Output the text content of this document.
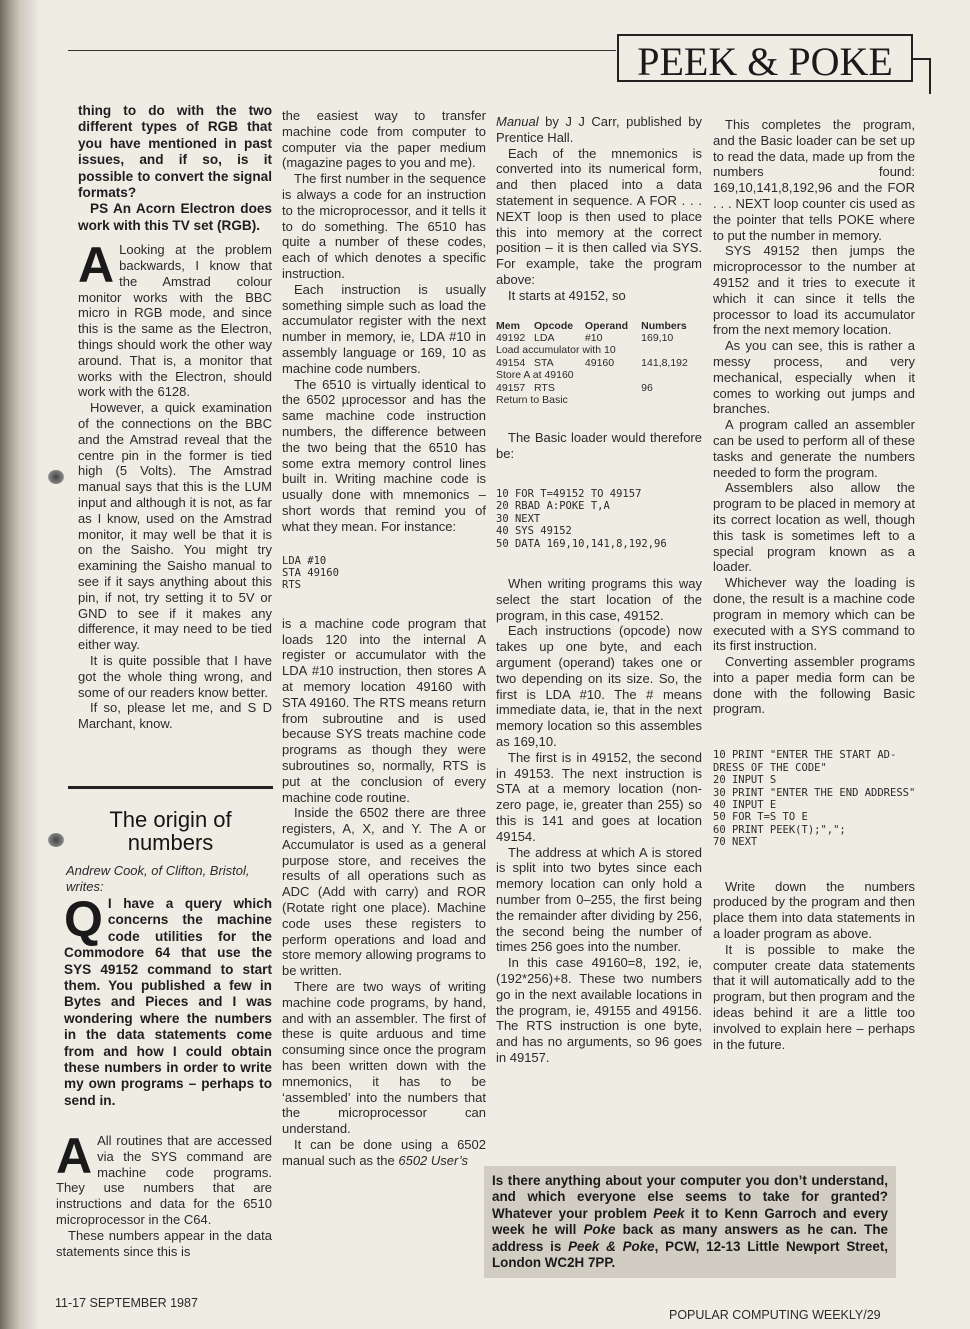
PEEK & POKE

thing to do with the two different types of RGB that you have mentioned in past issues, and if so, is it possible to convert the signal formats?

PS An Acorn Electron does work with this TV set (RGB).

A Looking at the problem backwards, I know that the Amstrad colour monitor works with the BBC micro in RGB mode, and since this is the same as the Electron, things should work the other way around. That is, a monitor that works with the Electron, should work with the 6128.

However, a quick examination of the connections on the BBC and the Amstrad reveal that the centre pin in the former is tied high (5 Volts). The Amstrad manual says that this is the LUM input and although it is not, as far as I know, used on the Amstrad monitor, it may well be that it is on the Saisho. You might try examining the Saisho manual to see if it says anything about this pin, if not, try setting it to 5V or GND to see if it makes any difference, it may need to be tied either way.

It is quite possible that I have got the whole thing wrong, and some of our readers know better.

If so, please let me, and S D Marchant, know.

The origin of numbers
Andrew Cook, of Clifton, Bristol, writes:
Q I have a query which concerns the machine code utilities for the Commodore 64 that use the SYS 49152 command to start them. You published a few in Bytes and Pieces and I was wondering where the numbers in the data statements come from and how I could obtain these numbers in order to write my own programs – perhaps to send in.

A All routines that are accessed via the SYS command are machine code programs. They use numbers that are instructions and data for the 6510 microprocessor in the C64.

These numbers appear in the data statements since this is

the easiest way to transfer machine code from computer to computer via the paper medium (magazine pages to you and me).

The first number in the sequence is always a code for an instruction to the microprocessor, and it tells it to do something. The 6510 has quite a number of these codes, each of which denotes a specific instruction.

Each instruction is usually something simple such as load the accumulator register with the next number in memory, ie, LDA #10 in assembly language or 169, 10 as machine code numbers.

The 6510 is virtually identical to the 6502 µprocessor and has the same machine code instruction numbers, the difference between the two being that the 6510 has some extra memory control lines built in. Writing machine code is usually done with mnemonics – short words that remind you of what they mean. For instance:

LDA #10
STA 49160
RTS

is a machine code program that loads 120 into the internal A register or accumulator with the LDA #10 instruction, then stores A at memory location 49160 with STA 49160. The RTS means return from subroutine and is used because SYS treats machine code programs as though they were subroutines so, normally, RTS is put at the conclusion of every machine code routine.

Inside the 6502 there are three registers, A, X, and Y. The A or Accumulator is used as a general purpose store, and receives the results of all operations such as ADC (Add with carry) and ROR (Rotate right one place). Machine code uses these registers to perform operations and load and store memory allowing programs to be written.

There are two ways of writing machine code programs, by hand, and with an assembler. The first of these is quite arduous and time consuming since once the program has been written down with the mnemonics, it has to be ‘assembled’ into the numbers that the microprocessor can understand.

It can be done using a 6502 manual such as the 6502 User’s

Manual by J J Carr, published by Prentice Hall.

Each of the mnemonics is converted into its numerical form, and then placed into a data statement in sequence. A FOR . . . NEXT loop is then used to place this into memory at the correct position – it is then called via SYS. For example, take the program above:

It starts at 49152, so

Mem	Opcode	Operand	Numbers
49192	LDA	#10	169,10
Load accumulator with 10			
49154	STA	49160	141,8,192
Store A at 49160			
49157	RTS		96
Return to Basic			

The Basic loader would therefore be:

10 FOR T=49152 TO 49157
20 RBAD A:POKE T,A
30 NEXT
40 SYS 49152
50 DATA 169,10,141,8,192,96

When writing programs this way select the start location of the program, in this case, 49152.

Each instructions (opcode) now takes up one byte, and each argument (operand) takes one or two depending on its size. So, the first is LDA #10. The # means immediate data, ie, that in the next memory location so this assembles as 169,10.

The first is in 49152, the second in 49153. The next instruction is STA at a memory location (non-zero page, ie, greater than 255) so this is 141 and goes at location 49154.

The address at which A is stored is split into two bytes since each memory location can only hold a number from 0–255, the first being the remainder after dividing by 256, the second being the number of times 256 goes into the number.

In this case 49160=8, 192, ie, (192*256)+8. These two numbers go in the next available locations in the program, ie, 49155 and 49156. The RTS instruction is one byte, and has no arguments, so 96 goes in 49157.

This completes the program, and the Basic loader can be set up to read the data, made up from the numbers found: 169,10,141,8,192,96 and the FOR . . . NEXT loop counter cis used as the pointer that tells POKE where to put the number in memory.

SYS 49152 then jumps the microprocessor to the number at 49152 and it tries to execute it which it can since it tells the processor to load its accumulator from the next memory location.

As you can see, this is rather a messy process, and very mechanical, especially when it comes to working out jumps and branches.

A program called an assembler can be used to perform all of these tasks and generate the numbers needed to form the program.

Assemblers also allow the program to be placed in memory at its correct location as well, though this task is sometimes left to a special program known as a loader.

Whichever way the loading is done, the result is a machine code program in memory which can be executed with a SYS command to its first instruction.

Converting assembler programs into a paper media form can be done with the following Basic program.

10 PRINT "ENTER THE START AD-
DRESS OF THE CODE"
20 INPUT S
30 PRINT "ENTER THE END ADDRESS"
40 INPUT E
50 FOR T=S TO E
60 PRINT PEEK(T);",";
70 NEXT

Write down the numbers produced by the program and then place them into data statements in a loader program as above.

It is possible to make the computer create data statements that it will automatically add to the program, but then program and the ideas behind it are a little too involved to explain here – perhaps in the future.

Is there anything about your computer you don’t understand, and which everyone else seems to take for granted? Whatever your problem Peek it to Kenn Garroch and every week he will Poke back as many answers as he can. The address is Peek & Poke, PCW, 12-13 Little Newport Street, London WC2H 7PP.
11-17 SEPTEMBER 1987
POPULAR COMPUTING WEEKLY/29
